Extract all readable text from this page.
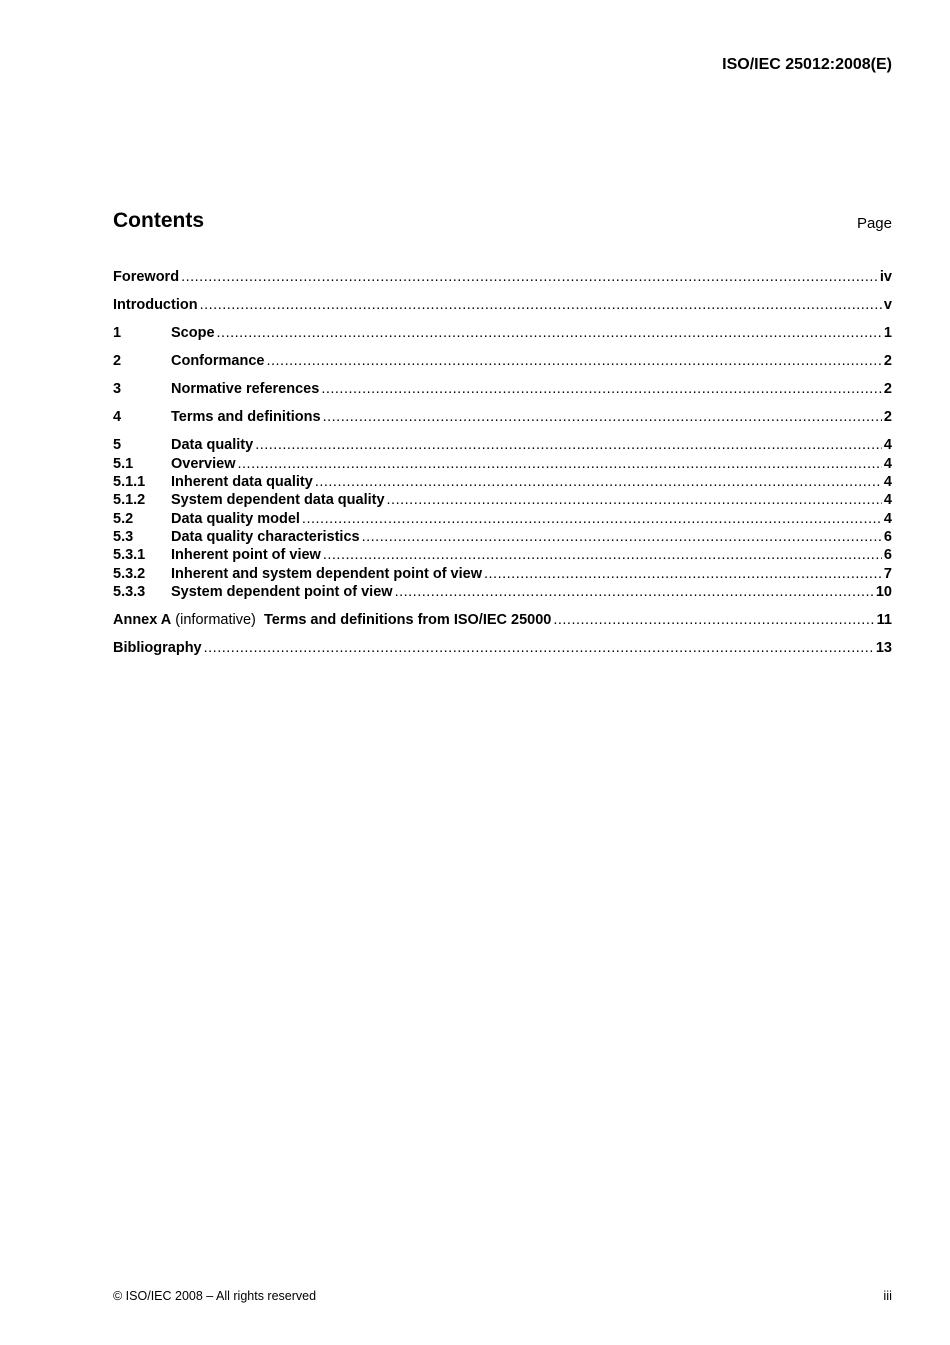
ISO/IEC 25012:2008(E)
Contents	Page
Foreword .....	iv
Introduction .....	v
1	Scope .....	1
2	Conformance .....	2
3	Normative references .....	2
4	Terms and definitions .....	2
5	Data quality .....	4
5.1	Overview .....	4
5.1.1	Inherent data quality .....	4
5.1.2	System dependent data quality .....	4
5.2	Data quality model .....	4
5.3	Data quality characteristics .....	6
5.3.1	Inherent point of view .....	6
5.3.2	Inherent and system dependent point of view .....	7
5.3.3	System dependent point of view .....	10
Annex A (informative)  Terms and definitions from ISO/IEC 25000 .....	11
Bibliography .....	13
© ISO/IEC 2008 – All rights reserved	iii
